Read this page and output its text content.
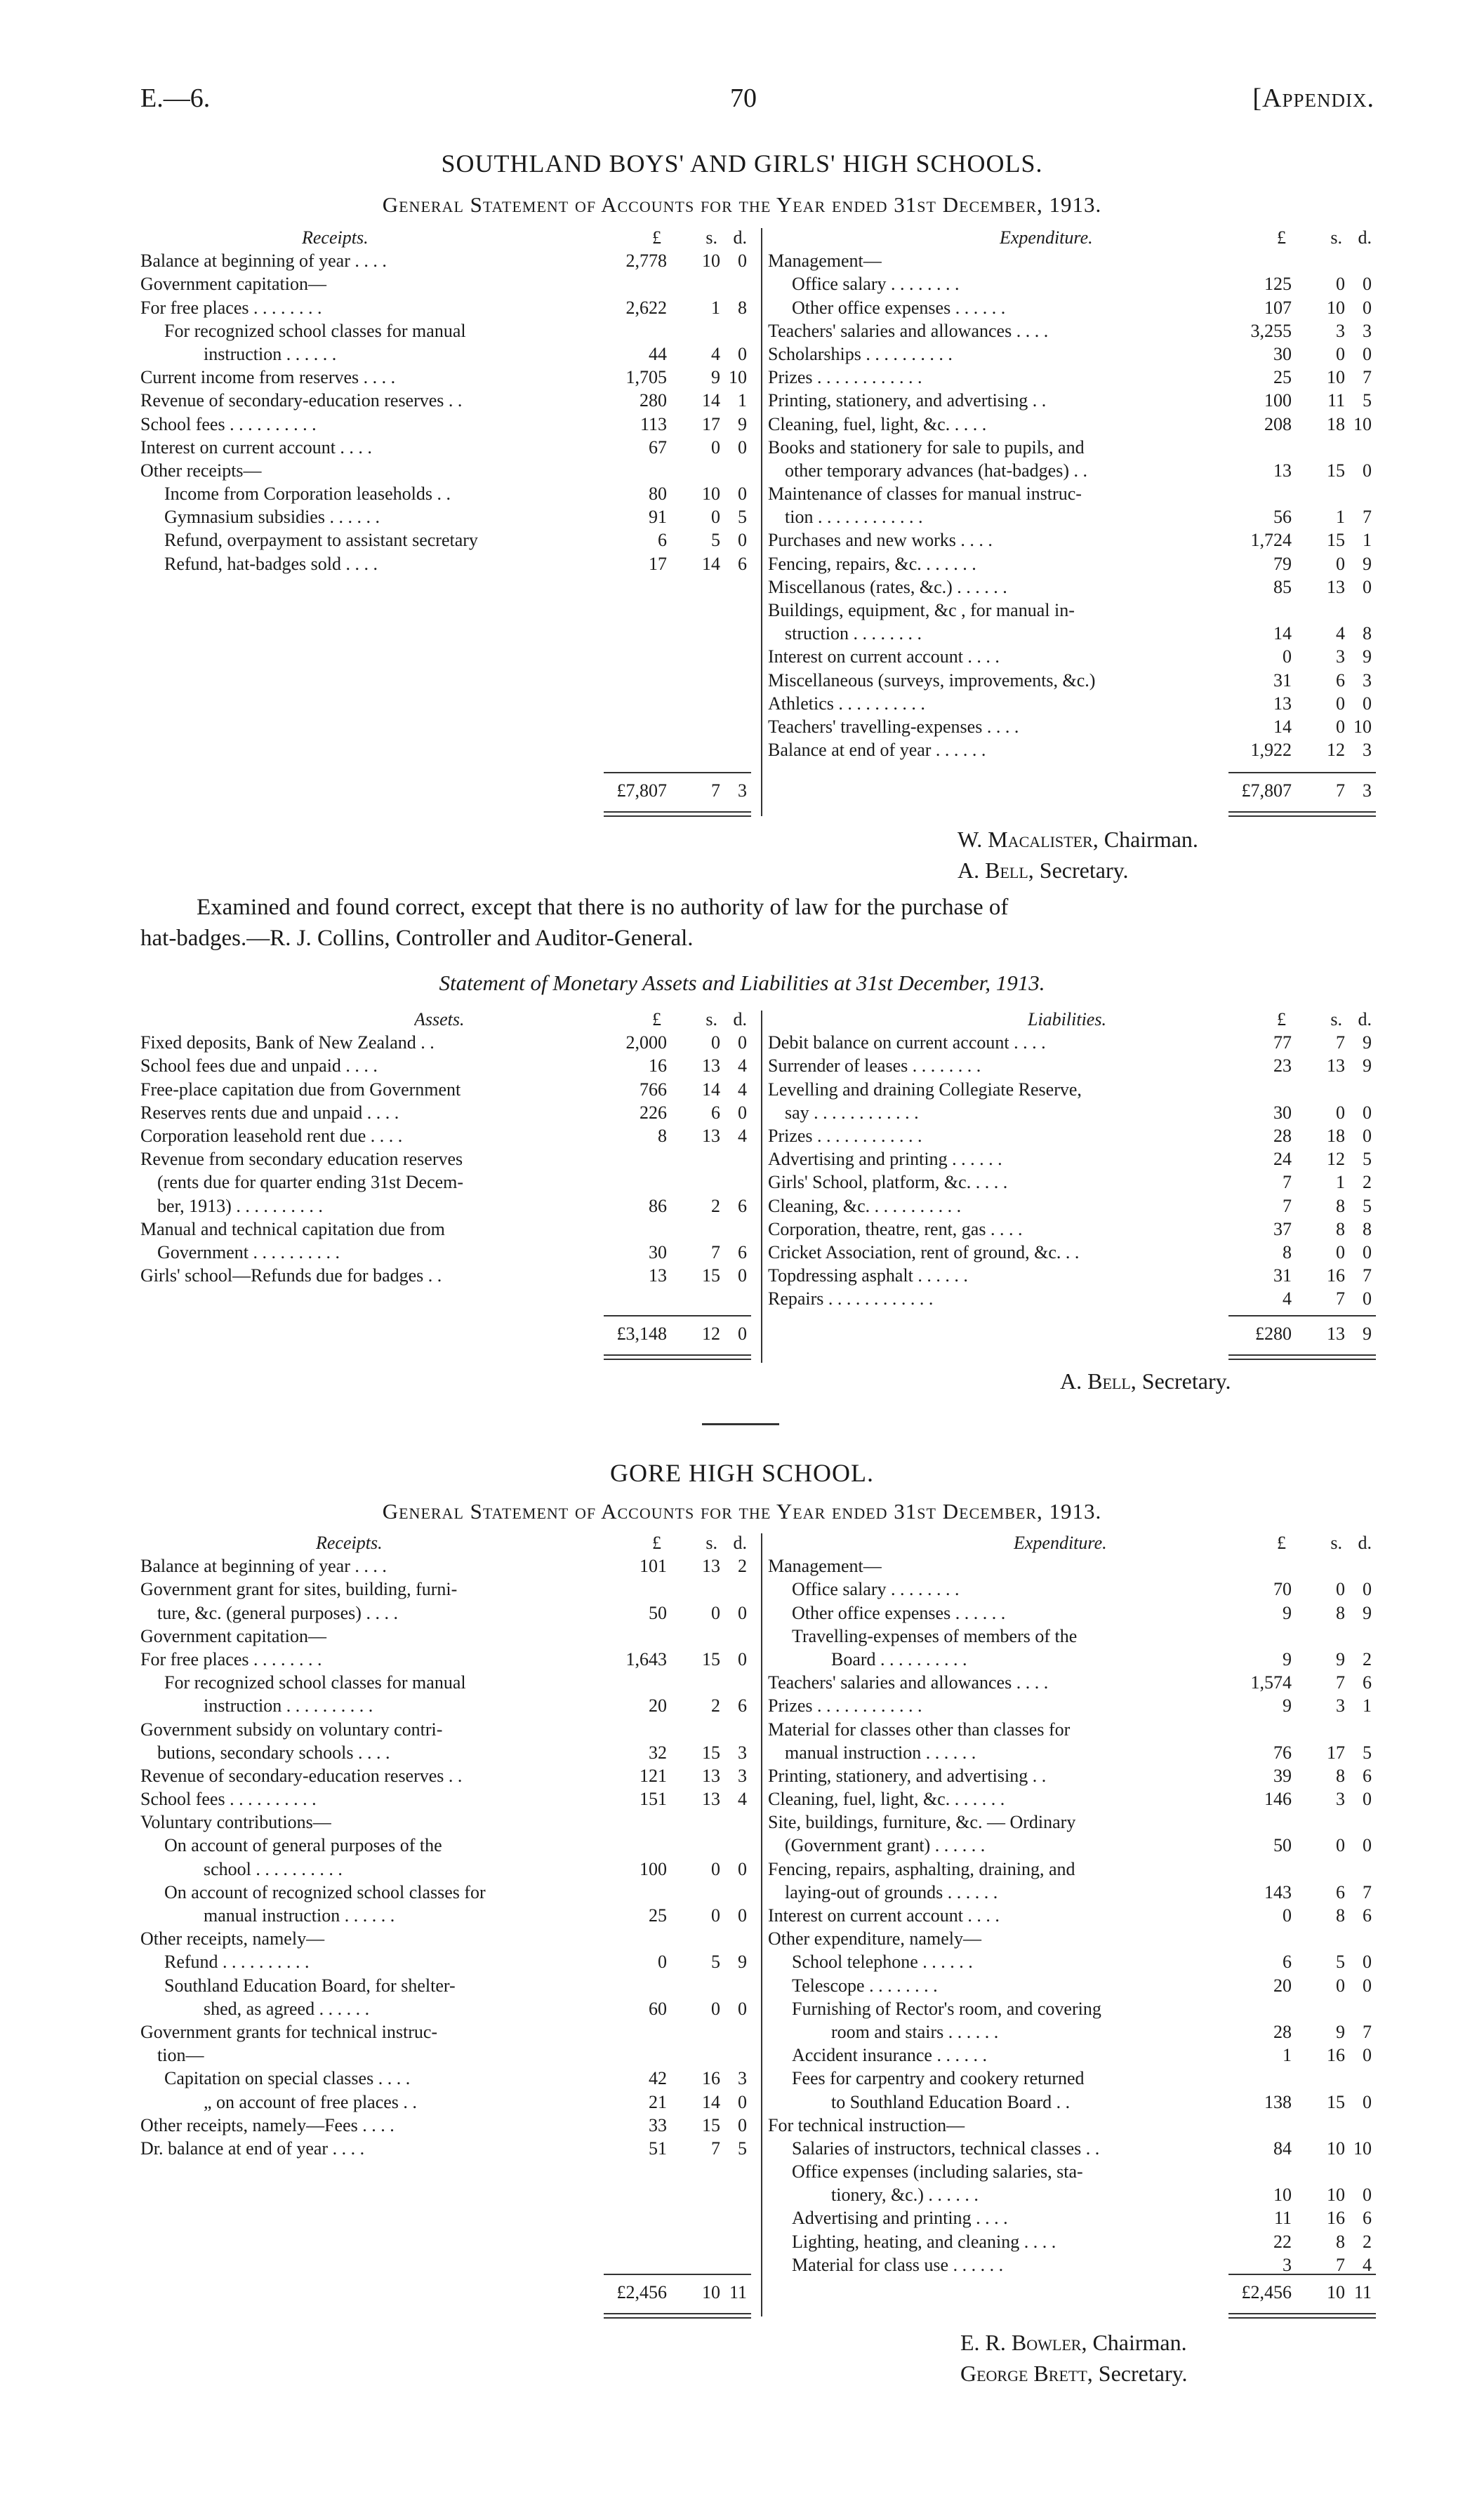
E.—6.	70	[Appendix.
SOUTHLAND BOYS' AND GIRLS' HIGH SCHOOLS.
General Statement of Accounts for the Year ended 31st December, 1913.
Receipts.	£ s. d.
Balance at beginning of year . . . .	2,778 10 0
Government capitation—
For free places . . . . . . . .	2,622 1 8
For recognized school classes for manual
instruction . . . . . .	44 4 0
Current income from reserves . . . .	1,705 9 10
Revenue of secondary-education reserves . .	280 14 1
School fees . . . . . . . . . .	113 17 9
Interest on current account . . . .	67 0 0
Other receipts—
Income from Corporation leaseholds . .	80 10 0
Gymnasium subsidies . . . . . .	91 0 5
Refund, overpayment to assistant secretary	6 5 0
Refund, hat-badges sold . . . .	17 14 6
Expenditure.	£ s. d.
Management—
Office salary . . . . . . . .	125 0 0
Other office expenses . . . . . .	107 10 0
Teachers' salaries and allowances . . . .	3,255 3 3
Scholarships . . . . . . . . . .	30 0 0
Prizes . . . . . . . . . . . .	25 10 7
Printing, stationery, and advertising . .	100 11 5
Cleaning, fuel, light, &c. . . . .	208 18 10
Books and stationery for sale to pupils, and
other temporary advances (hat-badges) . .	13 15 0
Maintenance of classes for manual instruc-
tion . . . . . . . . . . . .	56 1 7
Purchases and new works . . . .	1,724 15 1
Fencing, repairs, &c. . . . . . .	79 0 9
Miscellanous (rates, &c.) . . . . . .	85 13 0
Buildings, equipment, &c , for manual in-
struction . . . . . . . .	14 4 8
Interest on current account . . . .	0 3 9
Miscellaneous (surveys, improvements, &c.)	31 6 3
Athletics . . . . . . . . . .	13 0 0
Teachers' travelling-expenses . . . .	14 0 10
Balance at end of year . . . . . .	1,922 12 3
£7,807 7 3	£7,807 7 3
W. Macalister, Chairman.
A. Bell, Secretary.
Examined and found correct, except that there is no authority of law for the purchase of
hat-badges.—R. J. Collins, Controller and Auditor-General.
Statement of Monetary Assets and Liabilities at 31st December, 1913.
Assets.	£ s. d.
Fixed deposits, Bank of New Zealand . .	2,000 0 0
School fees due and unpaid . . . .	16 13 4
Free-place capitation due from Government	766 14 4
Reserves rents due and unpaid . . . .	226 6 0
Corporation leasehold rent due . . . .	8 13 4
Revenue from secondary education reserves
(rents due for quarter ending 31st Decem-
ber, 1913) . . . . . . . . . .	86 2 6
Manual and technical capitation due from
Government . . . . . . . . . .	30 7 6
Girls' school—Refunds due for badges . .	13 15 0
Liabilities.	£ s. d.
Debit balance on current account . . . .	77 7 9
Surrender of leases . . . . . . . .	23 13 9
Levelling and draining Collegiate Reserve,
say . . . . . . . . . . . .	30 0 0
Prizes . . . . . . . . . . . .	28 18 0
Advertising and printing . . . . . .	24 12 5
Girls' School, platform, &c. . . . .	7 1 2
Cleaning, &c. . . . . . . . . . .	7 8 5
Corporation, theatre, rent, gas . . . .	37 8 8
Cricket Association, rent of ground, &c. . .	8 0 0
Topdressing asphalt . . . . . .	31 16 7
Repairs . . . . . . . . . . . .	4 7 0
£3,148 12 0	£280 13 9
A. Bell, Secretary.
GORE HIGH SCHOOL.
General Statement of Accounts for the Year ended 31st December, 1913.
Receipts.	£ s. d.
Balance at beginning of year . . . .	101 13 2
Government grant for sites, building, furni-
ture, &c. (general purposes) . . . .	50 0 0
Government capitation—
For free places . . . . . . . .	1,643 15 0
For recognized school classes for manual
instruction . . . . . . . . . .	20 2 6
Government subsidy on voluntary contri-
butions, secondary schools . . . .	32 15 3
Revenue of secondary-education reserves . .	121 13 3
School fees . . . . . . . . . .	151 13 4
Voluntary contributions—
On account of general purposes of the
school . . . . . . . . . .	100 0 0
On account of recognized school classes for
manual instruction . . . . . .	25 0 0
Other receipts, namely—
Refund . . . . . . . . . .	0 5 9
Southland Education Board, for shelter-
shed, as agreed . . . . . .	60 0 0
Government grants for technical instruc-
tion—
Capitation on special classes . . . .	42 16 3
„ on account of free places . .	21 14 0
Other receipts, namely—Fees . . . .	33 15 0
Dr. balance at end of year . . . .	51 7 5
Expenditure.	£ s. d.
Management—
Office salary . . . . . . . .	70 0 0
Other office expenses . . . . . .	9 8 9
Travelling-expenses of members of the
Board . . . . . . . . . .	9 9 2
Teachers' salaries and allowances . . . .	1,574 7 6
Prizes . . . . . . . . . . . .	9 3 1
Material for classes other than classes for
manual instruction . . . . . .	76 17 5
Printing, stationery, and advertising . .	39 8 6
Cleaning, fuel, light, &c. . . . . . .	146 3 0
Site, buildings, furniture, &c. — Ordinary
(Government grant) . . . . . .	50 0 0
Fencing, repairs, asphalting, draining, and
laying-out of grounds . . . . . .	143 6 7
Interest on current account . . . .	0 8 6
Other expenditure, namely—
School telephone . . . . . .	6 5 0
Telescope . . . . . . . .	20 0 0
Furnishing of Rector's room, and covering
room and stairs . . . . . .	28 9 7
Accident insurance . . . . . .	1 16 0
Fees for carpentry and cookery returned
to Southland Education Board . .	138 15 0
For technical instruction—
Salaries of instructors, technical classes . .	84 10 10
Office expenses (including salaries, sta-
tionery, &c.) . . . . . .	10 10 0
Advertising and printing . . . .	11 16 6
Lighting, heating, and cleaning . . . .	22 8 2
Material for class use . . . . . .	3 7 4
£2,456 10 11	£2,456 10 11
E. R. Bowler, Chairman.
George Brett, Secretary.
